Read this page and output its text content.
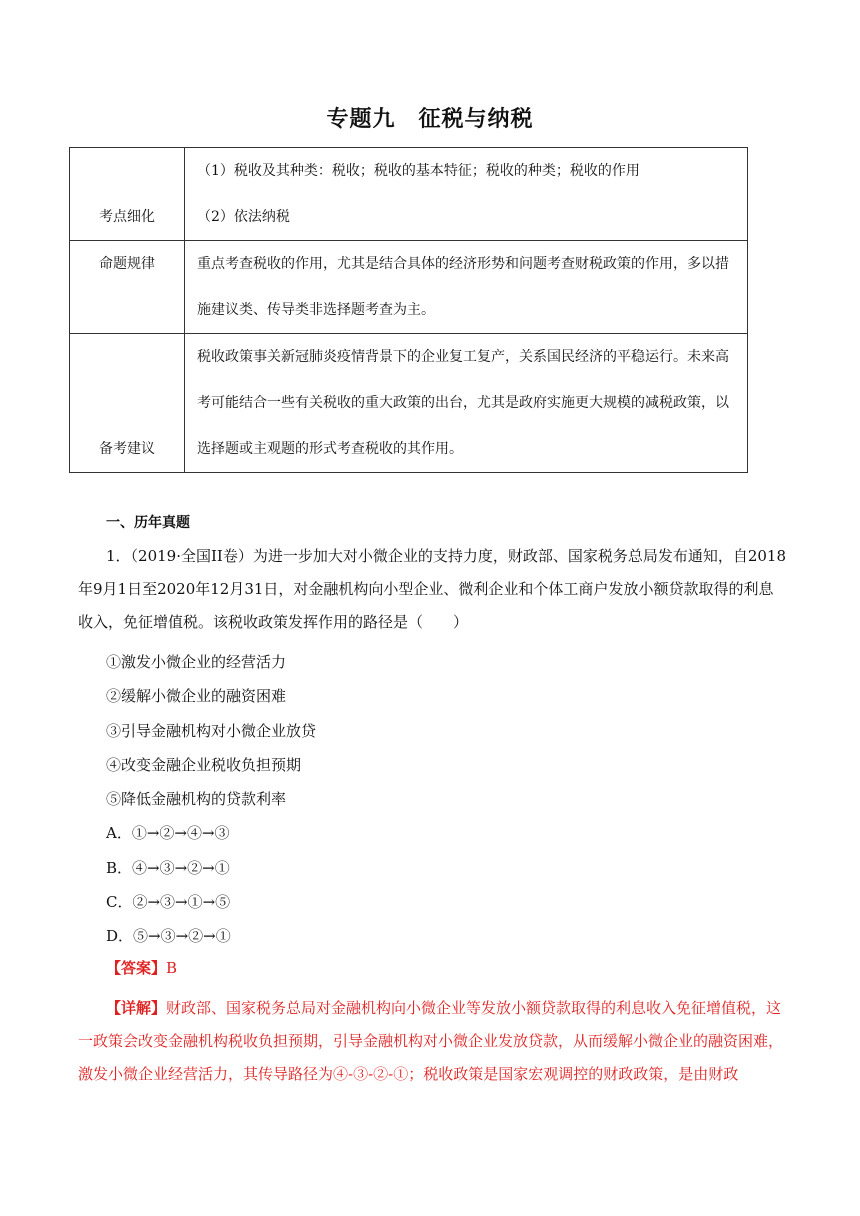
专题九　征税与纳税
考点细化	（1）税收及其种类：税收；税收的基本特征；税收的种类；税收的作用
（2）依法纳税

命题规律	重点考查税收的作用，尤其是结合具体的经济形势和问题考查财税政策的作用，多以措施建议类、传导类非选择题考查为主。

备考建议	税收政策事关新冠肺炎疫情背景下的企业复工复产，关系国民经济的平稳运行。未来高考可能结合一些有关税收的重大政策的出台，尤其是政府实施更大规模的减税政策，以选择题或主观题的形式考查税收的其作用。
一、历年真题

1．（2019·全国II卷）为进一步加大对小微企业的支持力度，财政部、国家税务总局发布通知，自2018年9月1日至2020年12月31日，对金融机构向小型企业、微利企业和个体工商户发放小额贷款取得的利息收入，免征增值税。该税收政策发挥作用的路径是（　　）

①激发小微企业的经营活力
②缓解小微企业的融资困难
③引导金融机构对小微企业放贷
④改变金融企业税收负担预期
⑤降低金融机构的贷款利率
A．①→②→④→③
B．④→③→②→①
C．②→③→①→⑤
D．⑤→③→②→①
【答案】B

【详解】财政部、国家税务总局对金融机构向小微企业等发放小额贷款取得的利息收入免征增值税，这一政策会改变金融机构税收负担预期，引导金融机构对小微企业发放贷款，从而缓解小微企业的融资困难，激发小微企业经营活力，其传导路径为④-③-②-①；税收政策是国家宏观调控的财政政策，是由财政
